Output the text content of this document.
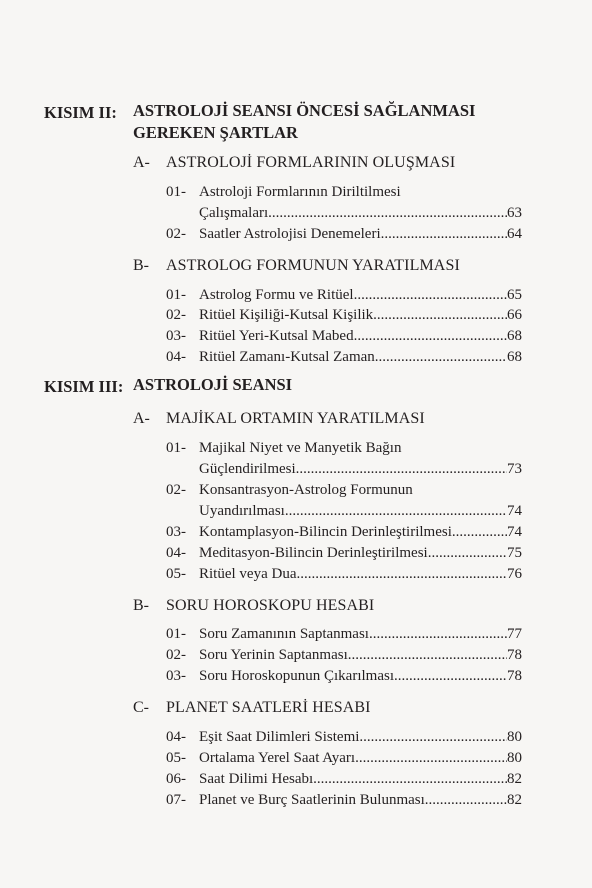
KISIM II: ASTROLOJİ SEANSI ÖNCESİ SAĞLANMASI
GEREKEN ŞARTLAR
A- ASTROLOJİ FORMLARININ OLUŞMASI
01- Astroloji Formlarının Diriltilmesi
Çalışmaları .....	63
02- Saatler Astrolojisi Denemeleri .....	64
B- ASTROLOG FORMUNUN YARATILMASI
01- Astrolog Formu ve Ritüel .....	65
02- Ritüel Kişiliği-Kutsal Kişilik .....	66
03- Ritüel Yeri-Kutsal Mabed .....	68
04- Ritüel Zamanı-Kutsal Zaman .....	68
KISIM III: ASTROLOJİ SEANSI
A- MAJİKAL ORTAMIN YARATILMASI
01- Majikal Niyet ve Manyetik Bağın
Güçlendirilmesi .....	73
02- Konsantrasyon-Astrolog Formunun
Uyandırılması .....	74
03- Kontamplasyon-Bilincin Derinleştirilmesi .....	74
04- Meditasyon-Bilincin Derinleştirilmesi .....	75
05- Ritüel veya Dua .....	76
B- SORU HOROSKOPU HESABI
01- Soru Zamanının Saptanması .....	77
02- Soru Yerinin Saptanması .....	78
03- Soru Horoskopunun Çıkarılması .....	78
C- PLANET SAATLERİ HESABI
04- Eşit Saat Dilimleri Sistemi .....	80
05- Ortalama Yerel Saat Ayarı .....	80
06- Saat Dilimi Hesabı .....	82
07- Planet ve Burç Saatlerinin Bulunması .....	82
